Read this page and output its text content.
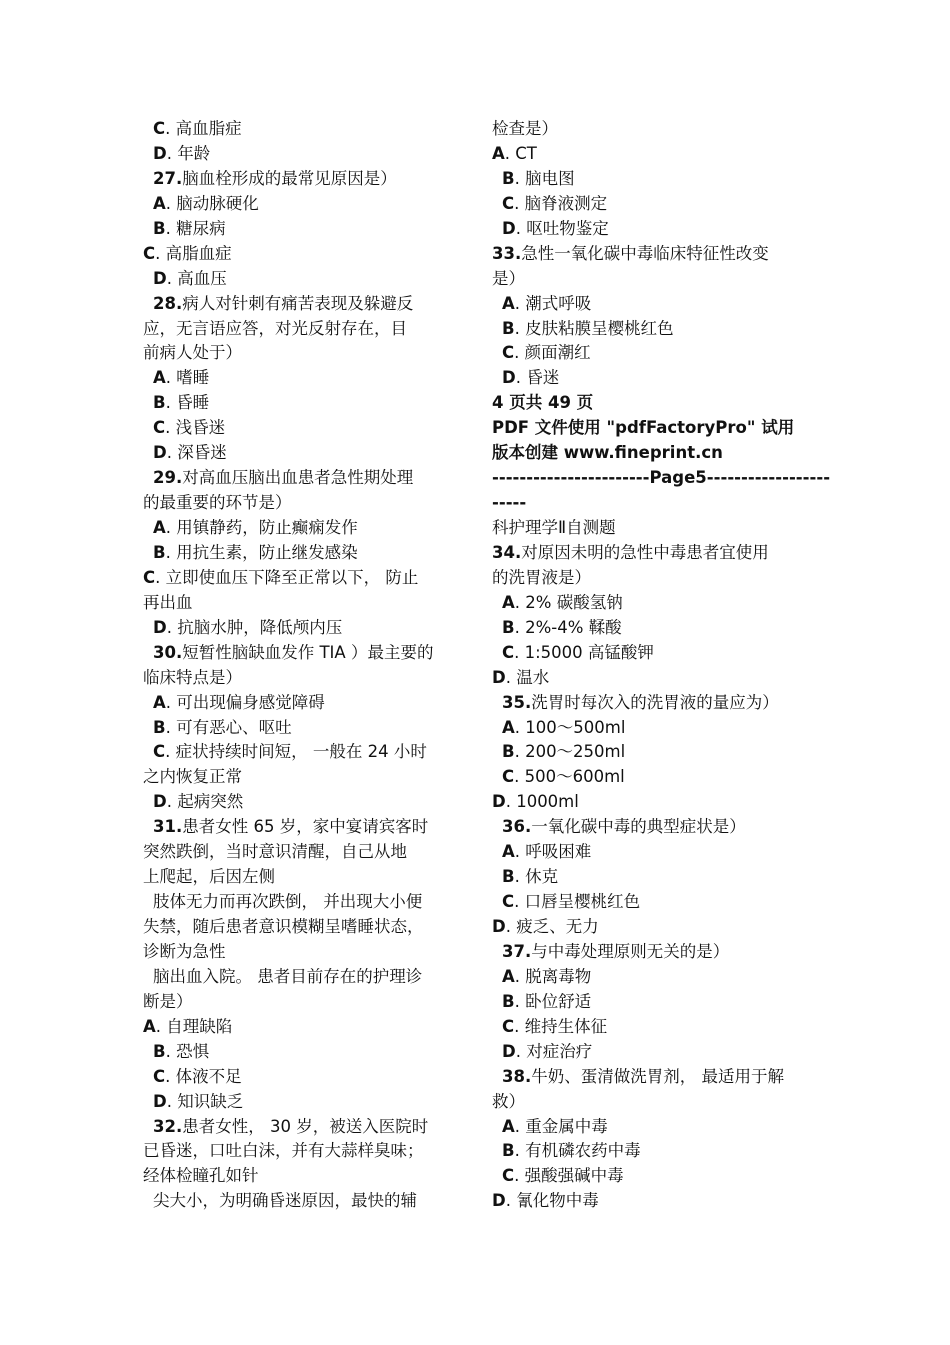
C. 高血脂症
D. 年龄
27.脑血栓形成的最常见原因是）
A. 脑动脉硬化
B. 糖尿病
C. 高脂血症
D. 高血压
28.病人对针刺有痛苦表现及躲避反
应，无言语应答，对光反射存在，目
前病人处于）
A. 嗜睡
B. 昏睡
C. 浅昏迷
D. 深昏迷
29.对高血压脑出血患者急性期处理
的最重要的环节是）
A. 用镇静药，防止癫痫发作
B. 用抗生素，防止继发感染
C. 立即使血压下降至正常以下， 防止
再出血
D. 抗脑水肿，降低颅内压
30.短暂性脑缺血发作 TIA ）最主要的
临床特点是）
A. 可出现偏身感觉障碍
B. 可有恶心、呕吐
C. 症状持续时间短， 一般在 24 小时
之内恢复正常
D. 起病突然
31.患者女性 65 岁，家中宴请宾客时
突然跌倒，当时意识清醒，自己从地
上爬起，后因左侧
肢体无力而再次跌倒， 并出现大小便
失禁，随后患者意识模糊呈嗜睡状态，
诊断为急性
脑出血入院。 患者目前存在的护理诊
断是）
A. 自理缺陷
B. 恐惧
C. 体液不足
D. 知识缺乏
32.患者女性， 30 岁，被送入医院时
已昏迷，口吐白沫，并有大蒜样臭味；
经体检瞳孔如针
尖大小，为明确昏迷原因，最快的辅
检查是）
A. CT
B. 脑电图
C. 脑脊液测定
D. 呕吐物鉴定
33.急性一氧化碳中毒临床特征性改变
是）
A. 潮式呼吸
B. 皮肤粘膜呈樱桃红色
C. 颜面潮红
D. 昏迷
4 页共 49 页
PDF 文件使用 "pdfFactoryPro" 试用
版本创建 www.fineprint.cn
-----------------------Page5------------------
-----
科护理学Ⅱ自测题
34.对原因未明的急性中毒患者宜使用
的洗胃液是）
A. 2% 碳酸氢钠
B. 2%-4% 鞣酸
C. 1:5000 高锰酸钾
D. 温水
35.洗胃时每次入的洗胃液的量应为）
A. 100～500ml
B. 200～250ml
C. 500～600ml
D. 1000ml
36.一氧化碳中毒的典型症状是）
A. 呼吸困难
B. 休克
C. 口唇呈樱桃红色
D. 疲乏、无力
37.与中毒处理原则无关的是）
A. 脱离毒物
B. 卧位舒适
C. 维持生体征
D. 对症治疗
38.牛奶、蛋清做洗胃剂， 最适用于解
救）
A. 重金属中毒
B. 有机磷农药中毒
C. 强酸强碱中毒
D. 氰化物中毒
